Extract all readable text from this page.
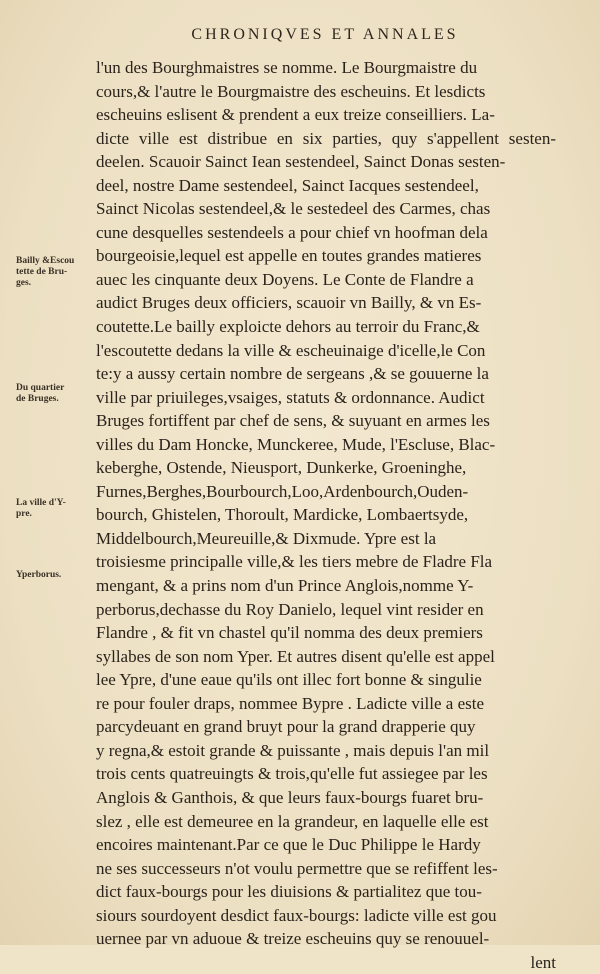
CHRONIQVES ET ANNALES
Bailly &Escou
tette de Bru-
ges.
Du quartier
de Bruges.
La ville d'Y-
pre.
Yperborus.
l'un des Bourghmaistres se nomme. Le Bourgmaistre du
cours,& l'autre le Bourgmaistre des escheuins. Et lesdicts
escheuins eslisent & prendent a eux treize conseilliers. La-
dicte ville est distribue en six parties, quy s'appellent sesten-
deelen. Scauoir Sainct Iean sestendeel, Sainct Donas sesten-
deel, nostre Dame sestendeel, Sainct Iacques sestendeel,
Sainct Nicolas sestendeel,& le sestedeel des Carmes, chas
cune desquelles sestendeels a pour chief vn hoofman dela
bourgeoisie,lequel est appelle en toutes grandes matieres
auec les cinquante deux Doyens. Le Conte de Flandre a
audict Bruges deux officiers, scauoir vn Bailly, & vn Es-
coutette.Le bailly exploicte dehors au terroir du Franc,&
l'escoutette dedans la ville & escheuinaige d'icelle,le Con
te:y a aussy certain nombre de sergeans ,& se gouuerne la
ville par priuileges,vsaiges, statuts & ordonnance. Audict
Bruges fortiffent par chef de sens, & suyuant en armes les
villes du Dam Honcke, Munckeree, Mude, l'Escluse, Blac-
keberghe, Ostende, Nieusport, Dunkerke, Groeninghe,
Furnes,Berghes,Bourbourch,Loo,Ardenbourch,Ouden-
bourch, Ghistelen, Thoroult, Mardicke, Lombaertsyde,
Middelbourch,Meureuille,& Dixmude. Ypre est la
troisiesme principalle ville,& les tiers mebre de Fladre Fla
mengant, & a prins nom d'un Prince Anglois,nomme Y-
perborus,dechasse du Roy Danielo, lequel vint resider en
Flandre , & fit vn chastel qu'il nomma des deux premiers
syllabes de son nom Yper. Et autres disent qu'elle est appel
lee Ypre, d'une eaue qu'ils ont illec fort bonne & singulie
re pour fouler draps, nommee Bypre . Ladicte ville a este
parcydeuant en grand bruyt pour la grand drapperie quy
y regna,& estoit grande & puissante , mais depuis l'an mil
trois cents quatreuingts & trois,qu'elle fut assiegee par les
Anglois & Ganthois, & que leurs faux-bourgs fuaret bru-
slez , elle est demeuree en la grandeur, en laquelle elle est
encoires maintenant.Par ce que le Duc Philippe le Hardy
ne ses successeurs n'ot voulu permettre que se refiffent les-
dict faux-bourgs pour les diuisions & partialitez que tou-
siours sourdoyent desdict faux-bourgs: ladicte ville est gou
uernee par vn aduoue & treize escheuins quy se renouuel-
lent
